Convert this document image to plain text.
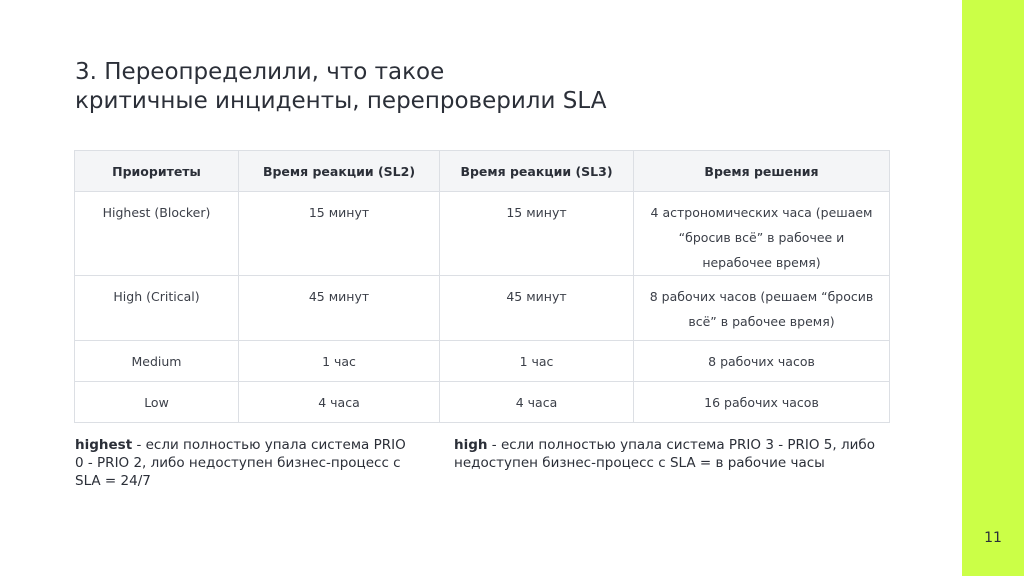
11
3. Переопределили, что такое
критичные инциденты, перепроверили SLA
Приоритеты	Время реакции (SL2)	Время реакции (SL3)	Время решения
Highest (Blocker)	15 минут	15 минут	4 астрономических часа (решаем “бросив всё” в рабочее и нерабочее время)
High (Critical)	45 минут	45 минут	8 рабочих часов (решаем “бросив всё” в рабочее время)
Medium	1 час	1 час	8 рабочих часов
Low	4 часа	4 часа	16 рабочих часов

highest - если полностью упала система PRIO 0 - PRIO 2, либо недоступен бизнес-процесс с SLA = 24/7

high - если полностью упала система PRIO 3 - PRIO 5, либо недоступен бизнес-процесс с SLA = в рабочие часы
